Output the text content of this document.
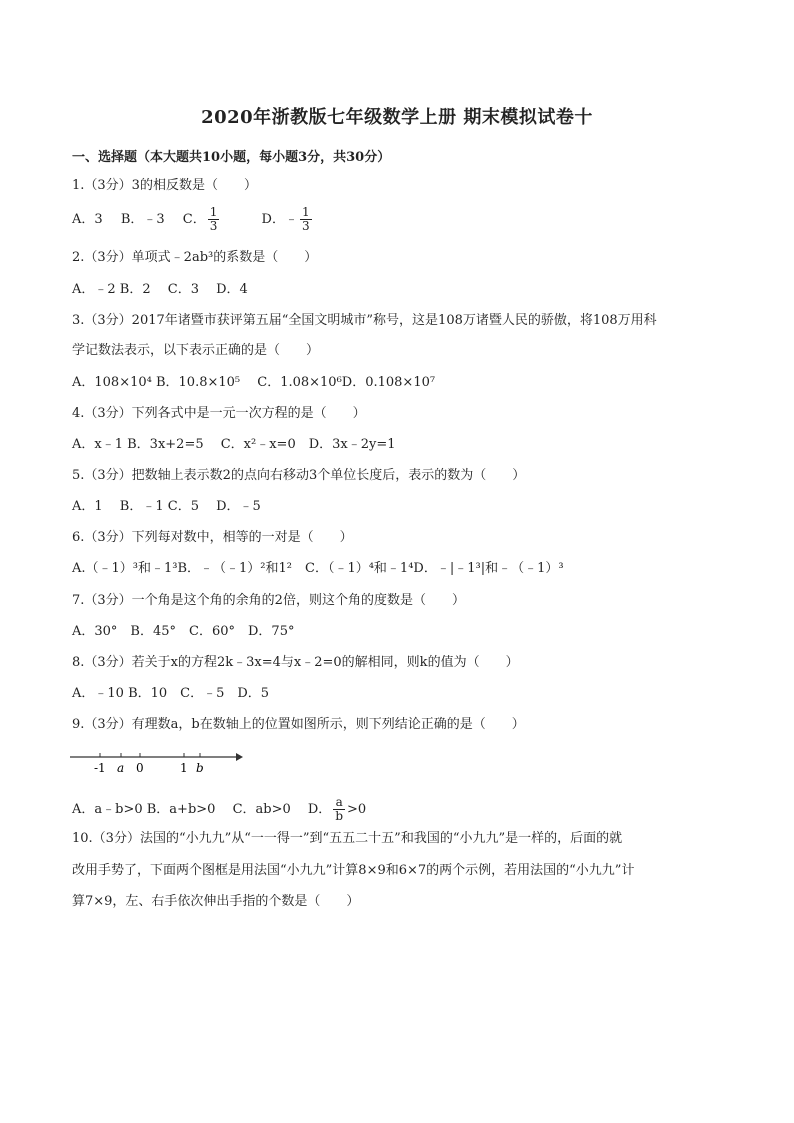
2020年浙教版七年级数学上册 期末模拟试卷十
一、选择题（本大题共10小题，每小题3分，共30分）
1.（3分）3的相反数是（　　）
A．3 B．﹣3 C． $\frac{1}{3}$ D．﹣ $\frac{1}{3}$
2.（3分）单项式﹣2ab³的系数是（　　）
A．﹣2 B．2　 C．3　 D．4
3.（3分）2017年诸暨市获评第五届“全国文明城市”称号，这是108万诸暨人民的骄傲，将108万用科
学记数法表示，以下表示正确的是（　　）
A．108×10⁴ B．10.8×10⁵　 C．1.08×10⁶D．0.108×10⁷
4.（3分）下列各式中是一元一次方程的是（　　）
A．x﹣1 B．3x+2=5　 C．x²﹣x=0　D．3x﹣2y=1
5.（3分）把数轴上表示数2的点向右移动3个单位长度后，表示的数为（　　）
A．1　 B．﹣1 C．5　 D．﹣5
6.（3分）下列每对数中，相等的一对是（　　）
A.（﹣1）³和﹣1³B．﹣（﹣1）²和1²　C．（﹣1）⁴和﹣1⁴D．﹣|﹣1³|和﹣（﹣1）³
7.（3分）一个角是这个角的余角的2倍，则这个角的度数是（　　）
A．30°　B．45°　C．60°　D．75°
8.（3分）若关于x的方程2k﹣3x=4与x﹣2=0的解相同，则k的值为（　　）
A．﹣10 B．10　C．﹣5　D．5
9.（3分）有理数a，b在数轴上的位置如图所示，则下列结论正确的是（　　）
-1 a 0	1 b
A．a﹣b>0 B．a+b>0　 C．ab>0　 D． $\frac{a}{b} >0$
10.（3分）法国的“小九九”从“一一得一”到“五五二十五”和我国的“小九九”是一样的，后面的就
改用手势了，下面两个图框是用法国“小九九”计算8×9和6×7的两个示例，若用法国的“小九九”计
算7×9，左、右手依次伸出手指的个数是（　　）
